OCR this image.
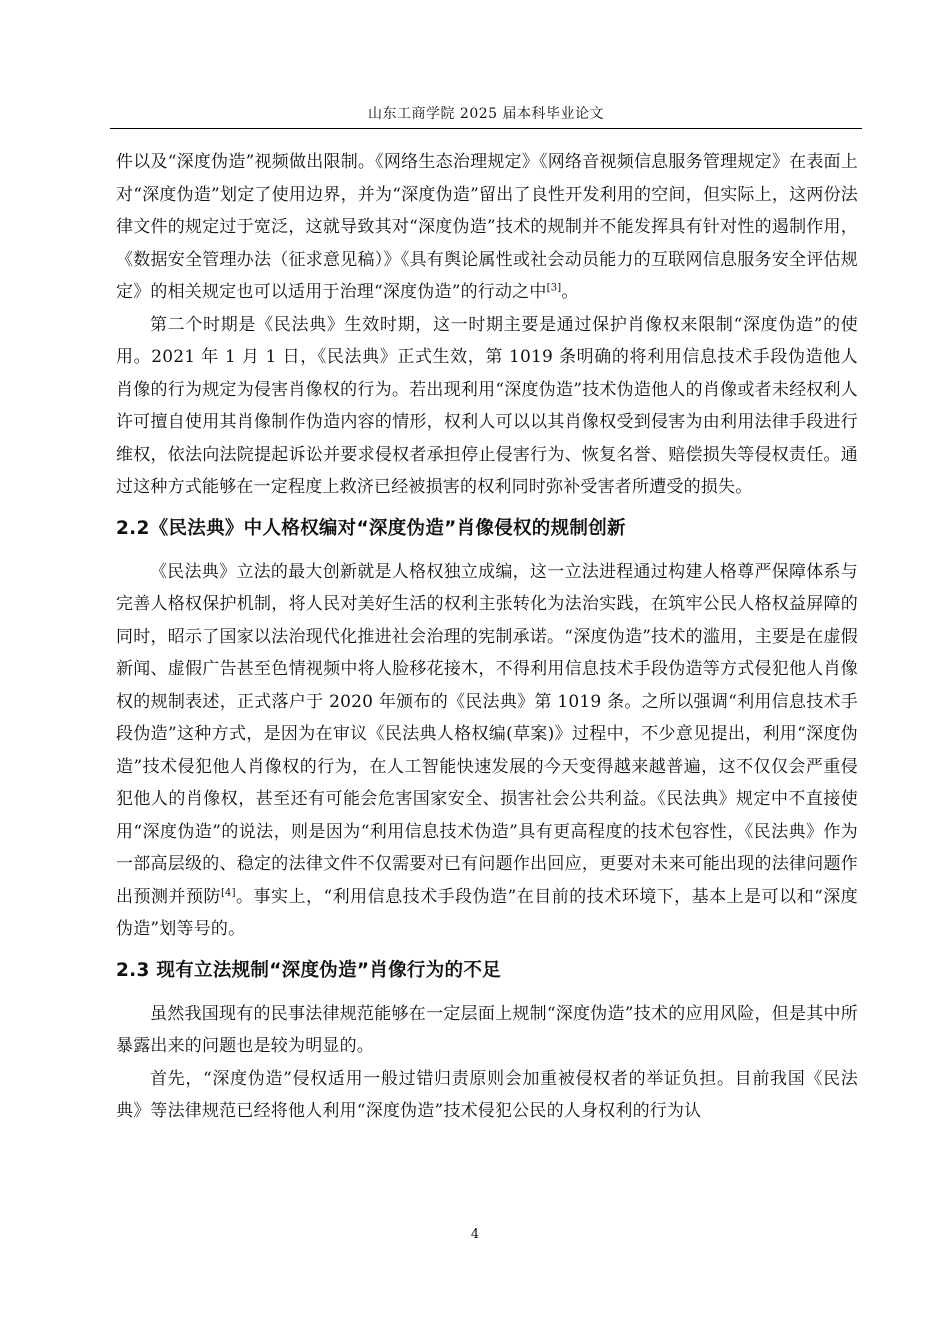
山东工商学院 2025 届本科毕业论文

件以及“深度伪造”视频做出限制。《网络生态治理规定》《网络音视频信息服务管理规定》在表面上对“深度伪造”划定了使用边界，并为“深度伪造”留出了良性开发利用的空间，但实际上，这两份法律文件的规定过于宽泛，这就导致其对“深度伪造”技术的规制并不能发挥具有针对性的遏制作用，《数据安全管理办法（征求意见稿）》《具有舆论属性或社会动员能力的互联网信息服务安全评估规定》的相关规定也可以适用于治理“深度伪造”的行动之中[3]。

第二个时期是《民法典》生效时期，这一时期主要是通过保护肖像权来限制“深度伪造”的使用。2021 年 1 月 1 日，《民法典》正式生效，第 1019 条明确的将利用信息技术手段伪造他人肖像的行为规定为侵害肖像权的行为。若出现利用“深度伪造”技术伪造他人的肖像或者未经权利人许可擅自使用其肖像制作伪造内容的情形，权利人可以以其肖像权受到侵害为由利用法律手段进行维权，依法向法院提起诉讼并要求侵权者承担停止侵害行为、恢复名誉、赔偿损失等侵权责任。通过这种方式能够在一定程度上救济已经被损害的权利同时弥补受害者所遭受的损失。

2.2《民法典》中人格权编对“深度伪造”肖像侵权的规制创新

《民法典》立法的最大创新就是人格权独立成编，这一立法进程通过构建人格尊严保障体系与完善人格权保护机制，将人民对美好生活的权利主张转化为法治实践，在筑牢公民人格权益屏障的同时，昭示了国家以法治现代化推进社会治理的宪制承诺。“深度伪造”技术的滥用，主要是在虚假新闻、虚假广告甚至色情视频中将人脸移花接木，不得利用信息技术手段伪造等方式侵犯他人肖像权的规制表述，正式落户于 2020 年颁布的《民法典》第 1019 条。之所以强调“利用信息技术手段伪造”这种方式，是因为在审议《民法典人格权编(草案)》过程中，不少意见提出，利用“深度伪造”技术侵犯他人肖像权的行为，在人工智能快速发展的今天变得越来越普遍，这不仅仅会严重侵犯他人的肖像权，甚至还有可能会危害国家安全、损害社会公共利益。《民法典》规定中不直接使用“深度伪造”的说法，则是因为“利用信息技术伪造”具有更高程度的技术包容性，《民法典》作为一部高层级的、稳定的法律文件不仅需要对已有问题作出回应，更要对未来可能出现的法律问题作出预测并预防[4]。事实上，“利用信息技术手段伪造”在目前的技术环境下，基本上是可以和“深度伪造”划等号的。

2.3 现有立法规制“深度伪造”肖像行为的不足

虽然我国现有的民事法律规范能够在一定层面上规制“深度伪造”技术的应用风险，但是其中所暴露出来的问题也是较为明显的。

首先，“深度伪造”侵权适用一般过错归责原则会加重被侵权者的举证负担。目前我国《民法典》等法律规范已经将他人利用“深度伪造”技术侵犯公民的人身权利的行为认

4
